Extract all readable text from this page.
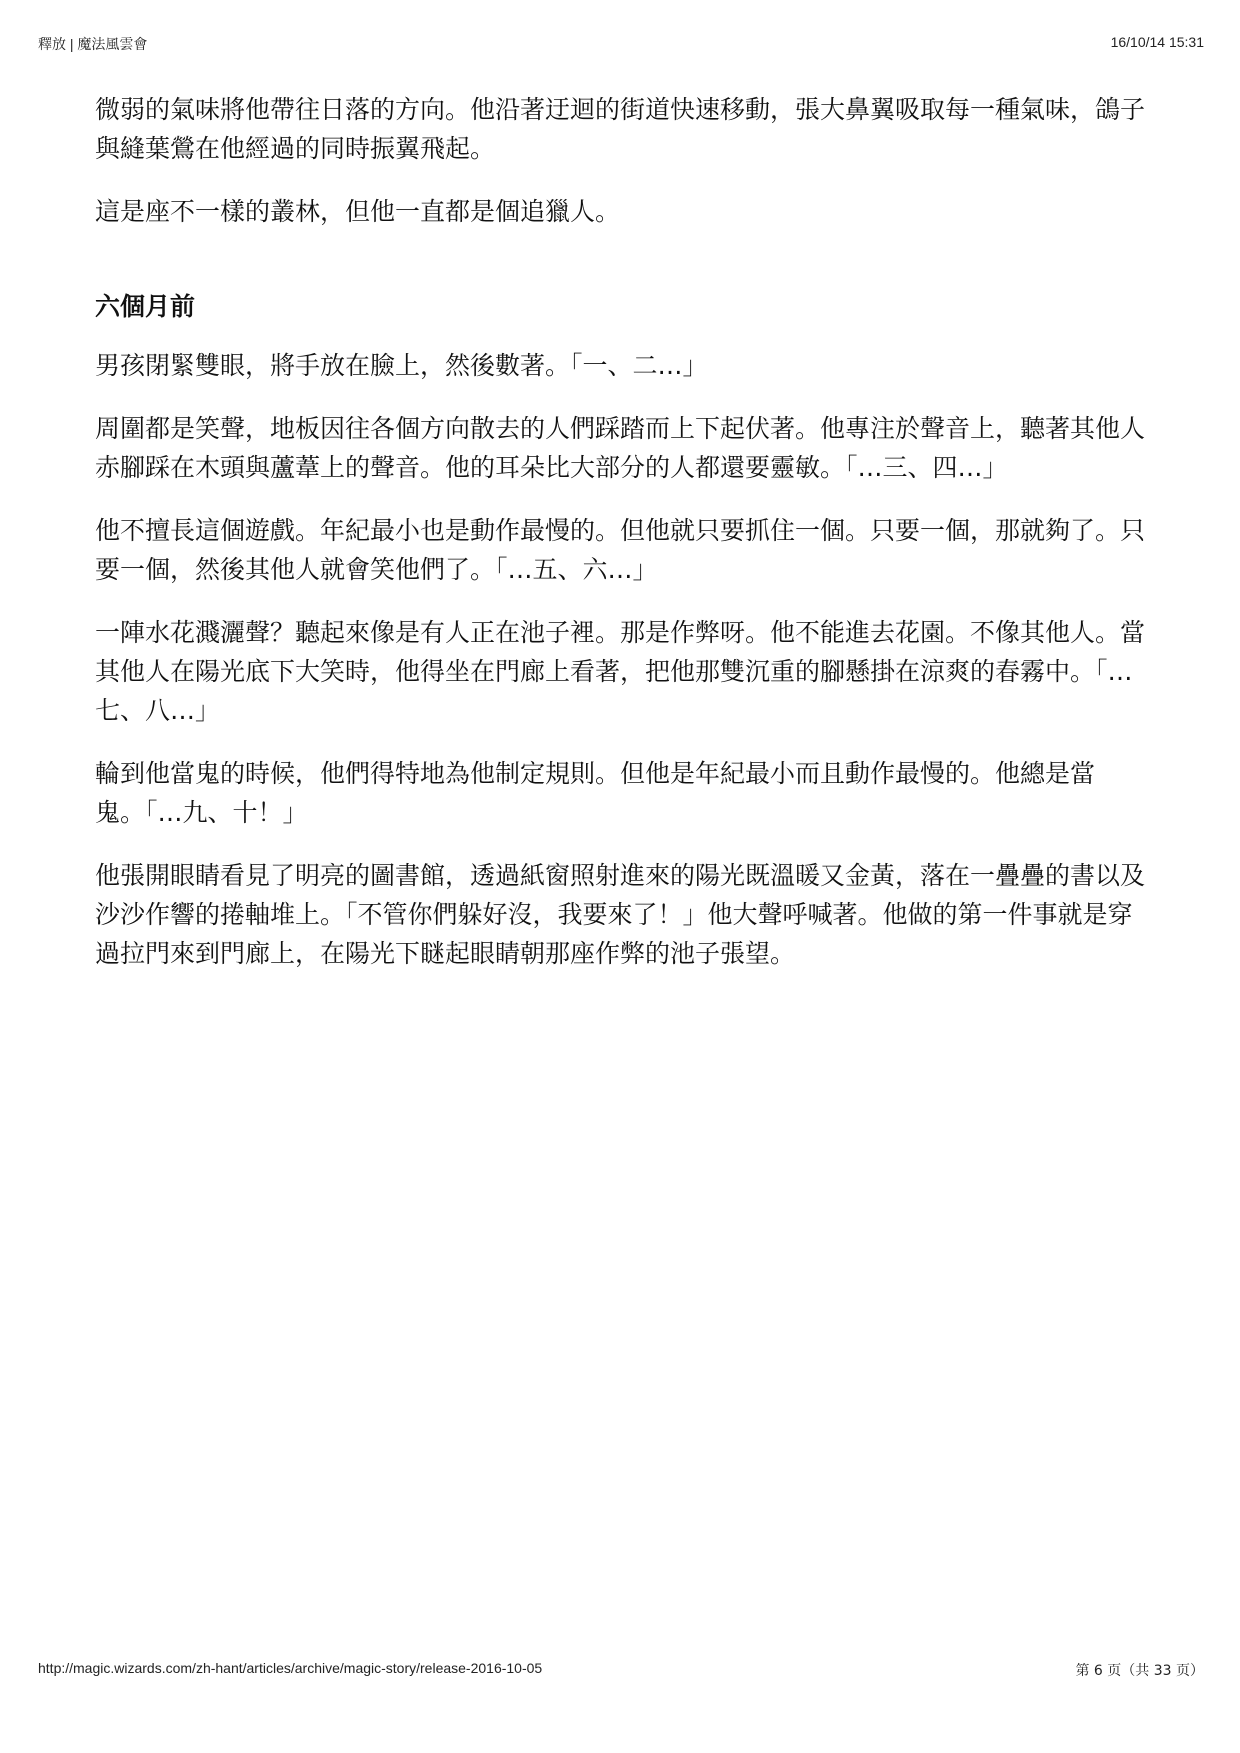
釋放 | 魔法風雲會	16/10/14 15:31

微弱的氣味將他帶往日落的方向。他沿著迂迴的街道快速移動，張大鼻翼吸取每一種氣味，鴿子與縫葉鶯在他經過的同時振翼飛起。

這是座不一樣的叢林，但他一直都是個追獵人。

六個月前

男孩閉緊雙眼，將手放在臉上，然後數著。「一、二…」

周圍都是笑聲，地板因往各個方向散去的人們踩踏而上下起伏著。他專注於聲音上，聽著其他人赤腳踩在木頭與蘆葦上的聲音。他的耳朵比大部分的人都還要靈敏。「…三、四…」

他不擅長這個遊戲。年紀最小也是動作最慢的。但他就只要抓住一個。只要一個，那就夠了。只要一個，然後其他人就會笑他們了。「…五、六…」

一陣水花濺灑聲？聽起來像是有人正在池子裡。那是作弊呀。他不能進去花園。不像其他人。當其他人在陽光底下大笑時，他得坐在門廊上看著，把他那雙沉重的腳懸掛在涼爽的春霧中。「…七、八…」

輪到他當鬼的時候，他們得特地為他制定規則。但他是年紀最小而且動作最慢的。他總是當鬼。「…九、十！」

他張開眼睛看見了明亮的圖書館，透過紙窗照射進來的陽光既溫暖又金黃，落在一疊疊的書以及沙沙作響的捲軸堆上。「不管你們躲好沒，我要來了！」他大聲呼喊著。他做的第一件事就是穿過拉門來到門廊上，在陽光下瞇起眼睛朝那座作弊的池子張望。

http://magic.wizards.com/zh-hant/articles/archive/magic-story/release-2016-10-05	第 6 页（共 33 页）
